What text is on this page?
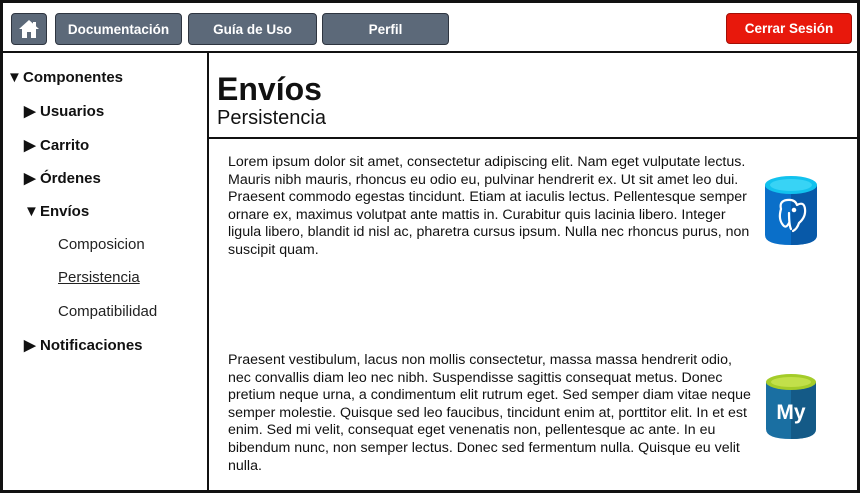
Documentación	Guía de Uso	Perfil	Cerrar Sesión
▼Componentes
▶ Usuarios
▶ Carrito
▶ Órdenes
▼Envíos
Composicion
Persistencia
Compatibilidad
▶ Notificaciones
Envíos
Persistencia
Lorem ipsum dolor sit amet, consectetur adipiscing elit. Nam eget vulputate lectus. Mauris nibh mauris, rhoncus eu odio eu, pulvinar hendrerit ex. Ut sit amet leo dui. Praesent commodo egestas tincidunt. Etiam at iaculis lectus. Pellentesque semper ornare ex, maximus volutpat ante mattis in. Curabitur quis lacinia libero. Integer ligula libero, blandit id nisl ac, pharetra cursus ipsum. Nulla nec rhoncus purus, non suscipit quam.
Praesent vestibulum, lacus non mollis consectetur, massa massa hendrerit odio, nec convallis diam leo nec nibh. Suspendisse sagittis consequat metus. Donec pretium neque urna, a condimentum elit rutrum eget. Sed semper diam vitae neque semper molestie. Quisque sed leo faucibus, tincidunt enim at, porttitor elit. In et est enim. Sed mi velit, consequat eget venenatis non, pellentesque ac ante. In eu bibendum nunc, non semper lectus. Donec sed fermentum nulla. Quisque eu velit nulla.
My
